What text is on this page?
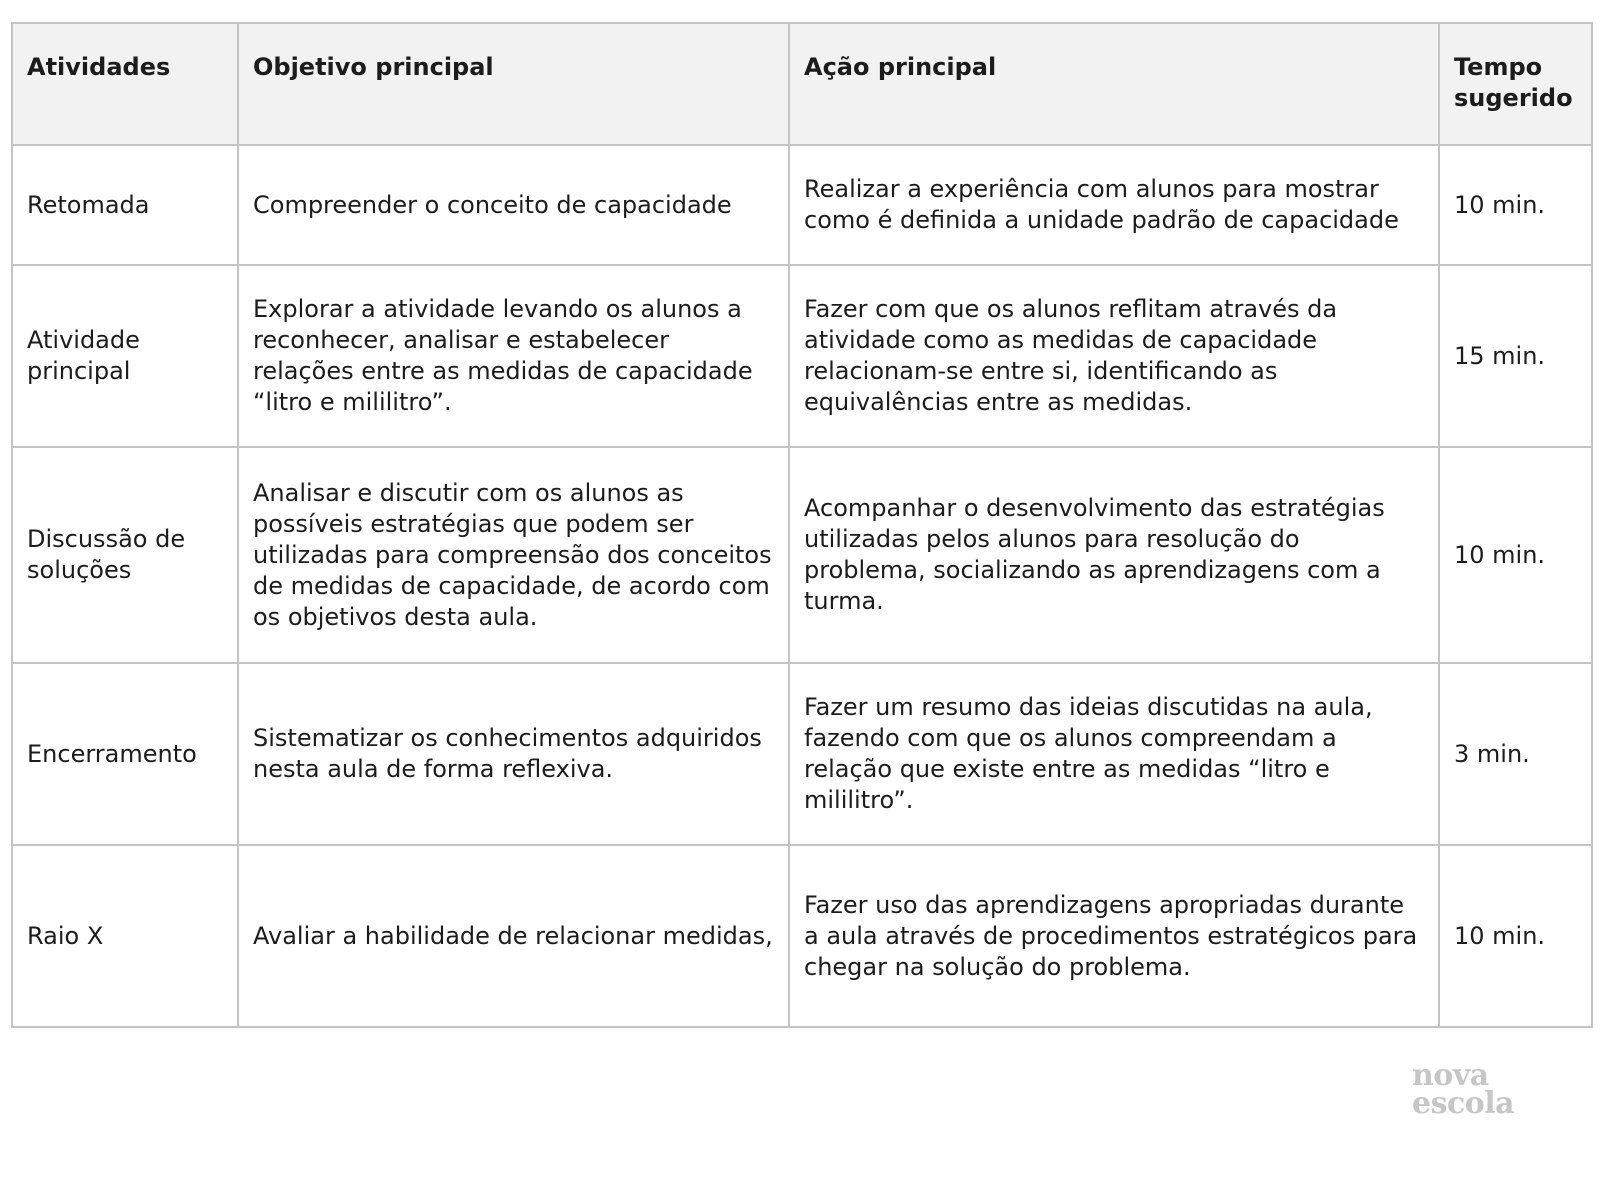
Atividades	Objetivo principal	Ação principal	Tempo sugerido
Retomada	Compreender o conceito de capacidade	Realizar a experiência com alunos para mostrar como é definida a unidade padrão de capacidade	10 min.
Atividade principal	Explorar a atividade levando os alunos a reconhecer, analisar e estabelecer relações entre as medidas de capacidade “litro e mililitro”.	Fazer com que os alunos reflitam através da atividade como as medidas de capacidade relacionam-se entre si, identificando as equivalências entre as medidas.	15 min.
Discussão de soluções	Analisar e discutir com os alunos as possíveis estratégias que podem ser utilizadas para compreensão dos conceitos de medidas de capacidade, de acordo com os objetivos desta aula.	Acompanhar o desenvolvimento das estratégias utilizadas pelos alunos para resolução do problema, socializando as aprendizagens com a turma.	10 min.
Encerramento	Sistematizar os conhecimentos adquiridos nesta aula de forma reflexiva.	Fazer um resumo das ideias discutidas na aula, fazendo com que os alunos compreendam a relação que existe entre as medidas “litro e mililitro”.	3 min.
Raio X	Avaliar a habilidade de relacionar medidas,	Fazer uso das aprendizagens apropriadas durante a aula através de procedimentos estratégicos para chegar na solução do problema.	10 min.
nova
escola
